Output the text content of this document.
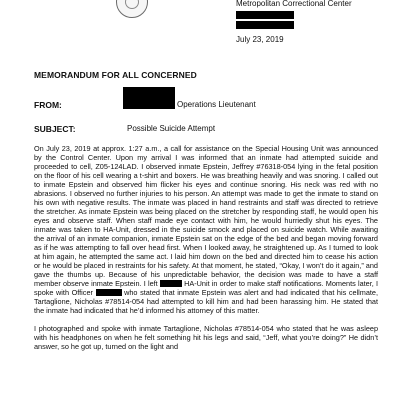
Metropolitan Correctional Center
July 23, 2019
MEMORANDUM FOR ALL CONCERNED
FROM:	Operations Lieutenant
SUBJECT:	Possible Suicide Attempt

On July 23, 2019 at approx. 1:27 a.m., a call for assistance on the Special Housing Unit was announced by the Control Center. Upon my arrival I was informed that an inmate had attempted suicide and proceeded to cell, Z05-124LAD. I observed inmate Epstein, Jeffrey #76318-054 lying in the fetal position on the floor of his cell wearing a t-shirt and boxers. He was breathing heavily and was snoring. I called out to inmate Epstein and observed him flicker his eyes and continue snoring. His neck was red with no abrasions. I observed no further injuries to his person. An attempt was made to get the inmate to stand on his own with negative results. The inmate was placed in hand restraints and staff was directed to retrieve the stretcher. As inmate Epstein was being placed on the stretcher by responding staff, he would open his eyes and observe staff. When staff made eye contact with him, he would hurriedly shut his eyes. The inmate was taken to HA-Unit, dressed in the suicide smock and placed on suicide watch. While awaiting the arrival of an inmate companion, inmate Epstein sat on the edge of the bed and began moving forward as if he was attempting to fall over head first. When I looked away, he straightened up. As I turned to look at him again, he attempted the same act. I laid him down on the bed and directed him to cease his action or he would be placed in restraints for his safety. At that moment, he stated, “Okay, I won’t do it again,” and gave the thumbs up. Because of his unpredictable behavior, the decision was made to have a staff member observe inmate Epstein. I left	HA-Unit in order to make staff notifications. Moments later, I spoke with Officer	who stated that inmate Epstein was alert and had indicated that his cellmate, Tartaglione, Nicholas #78514-054 had attempted to kill him and had been harassing him. He stated that the inmate had indicated that he’d informed his attorney of this matter.

I photographed and spoke with inmate Tartaglione, Nicholas #78514-054 who stated that he was asleep with his headphones on when he felt something hit his legs and said, “Jeff, what you’re doing?” He didn’t answer, so he got up, turned on the light and
